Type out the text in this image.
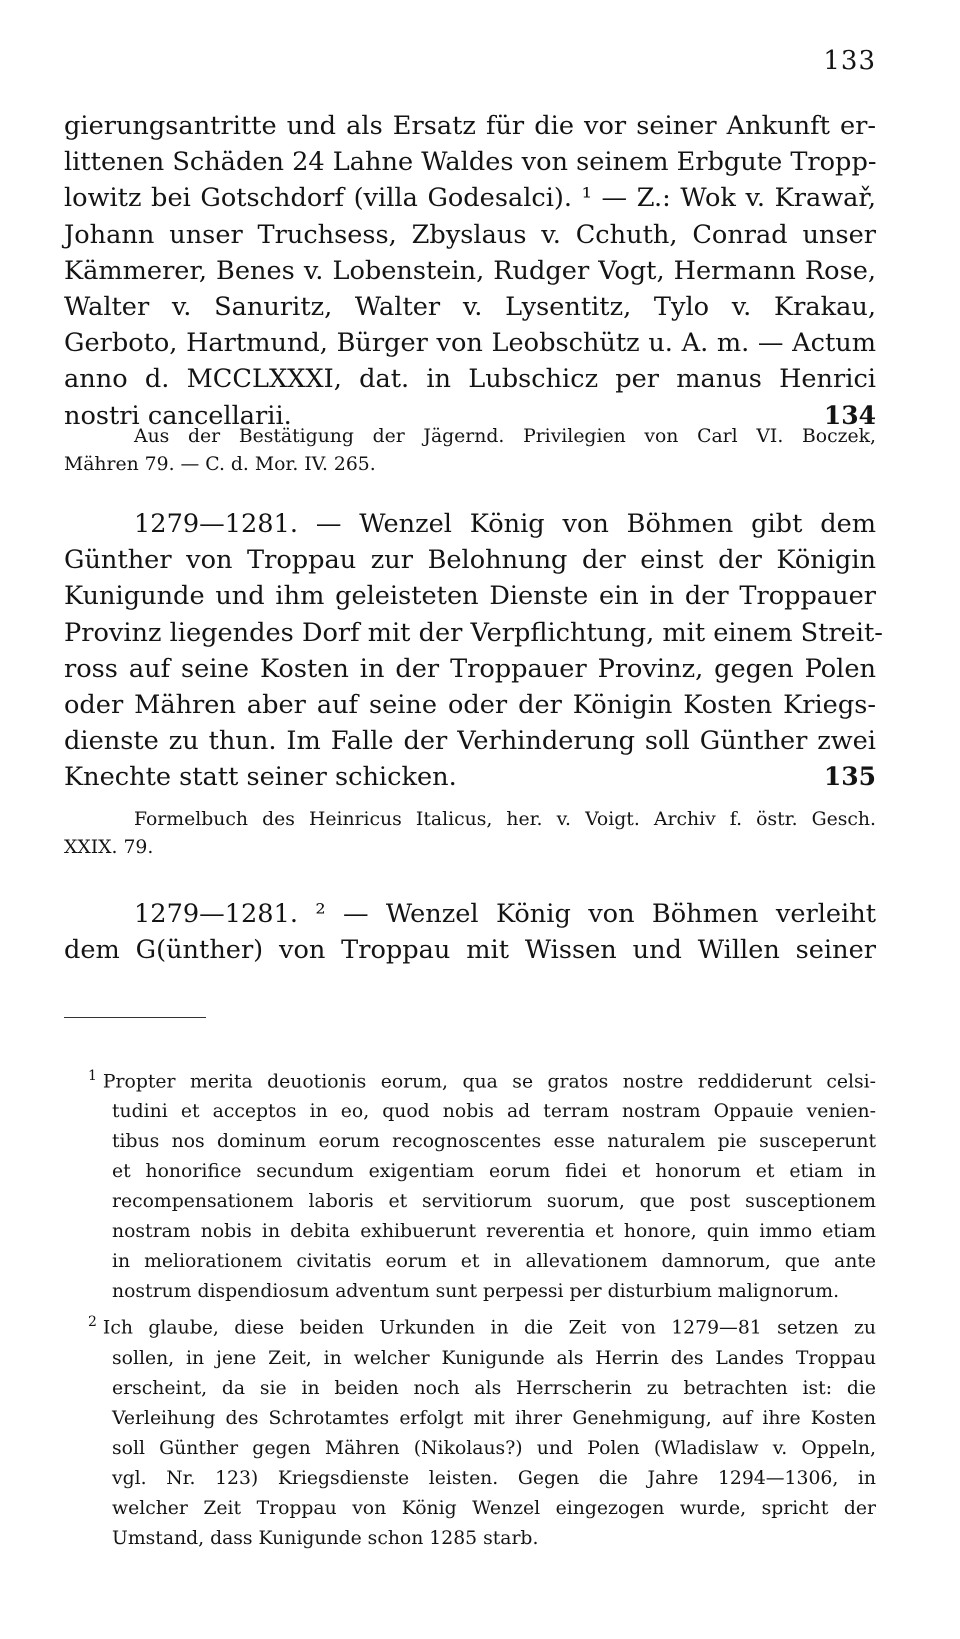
133
gierungsantritte und als Ersatz für die vor seiner Ankunft er-
littenen Schäden 24 Lahne Waldes von seinem Erbgute Tropp-
lowitz bei Gotschdorf (villa Godesalci). ¹ — Z.: Wok v. Krawař,
Johann unser Truchsess, Zbyslaus v. Cchuth, Conrad unser
Kämmerer, Benes v. Lobenstein, Rudger Vogt, Hermann Rose,
Walter v. Sanuritz, Walter v. Lysentitz, Tylo v. Krakau,
Gerboto, Hartmund, Bürger von Leobschütz u. A. m. — Actum
anno d. MCCLXXXI, dat. in Lubschicz per manus Henrici
nostri cancellarii.	134
Aus der Bestätigung der Jägernd. Privilegien von Carl VI. Boczek,
Mähren 79. — C. d. Mor. IV. 265.
1279—1281. — Wenzel König von Böhmen gibt dem
Günther von Troppau zur Belohnung der einst der Königin
Kunigunde und ihm geleisteten Dienste ein in der Troppauer
Provinz liegendes Dorf mit der Verpflichtung, mit einem Streit-
ross auf seine Kosten in der Troppauer Provinz, gegen Polen
oder Mähren aber auf seine oder der Königin Kosten Kriegs-
dienste zu thun. Im Falle der Verhinderung soll Günther zwei
Knechte statt seiner schicken.	135
Formelbuch des Heinricus Italicus, her. v. Voigt. Archiv f. östr. Gesch.
XXIX. 79.
1279—1281. ² — Wenzel König von Böhmen verleiht
dem G(ünther) von Troppau mit Wissen und Willen seiner
$^1$ Propter merita deuotionis eorum, qua se gratos nostre reddiderunt celsi-
tudini et acceptos in eo, quod nobis ad terram nostram Oppauie venien-
tibus nos dominum eorum recognoscentes esse naturalem pie susceperunt
et honorifice secundum exigentiam eorum fidei et honorum et etiam in
recompensationem laboris et servitiorum suorum, que post susceptionem
nostram nobis in debita exhibuerunt reverentia et honore, quin immo etiam
in meliorationem civitatis eorum et in allevationem damnorum, que ante
nostrum dispendiosum adventum sunt perpessi per disturbium malignorum.
$^2$ Ich glaube, diese beiden Urkunden in die Zeit von 1279—81 setzen zu
sollen, in jene Zeit, in welcher Kunigunde als Herrin des Landes Troppau
erscheint, da sie in beiden noch als Herrscherin zu betrachten ist: die
Verleihung des Schrotamtes erfolgt mit ihrer Genehmigung, auf ihre Kosten
soll Günther gegen Mähren (Nikolaus?) und Polen (Wladislaw v. Oppeln,
vgl. Nr. 123) Kriegsdienste leisten. Gegen die Jahre 1294—1306, in
welcher Zeit Troppau von König Wenzel eingezogen wurde, spricht der
Umstand, dass Kunigunde schon 1285 starb.
